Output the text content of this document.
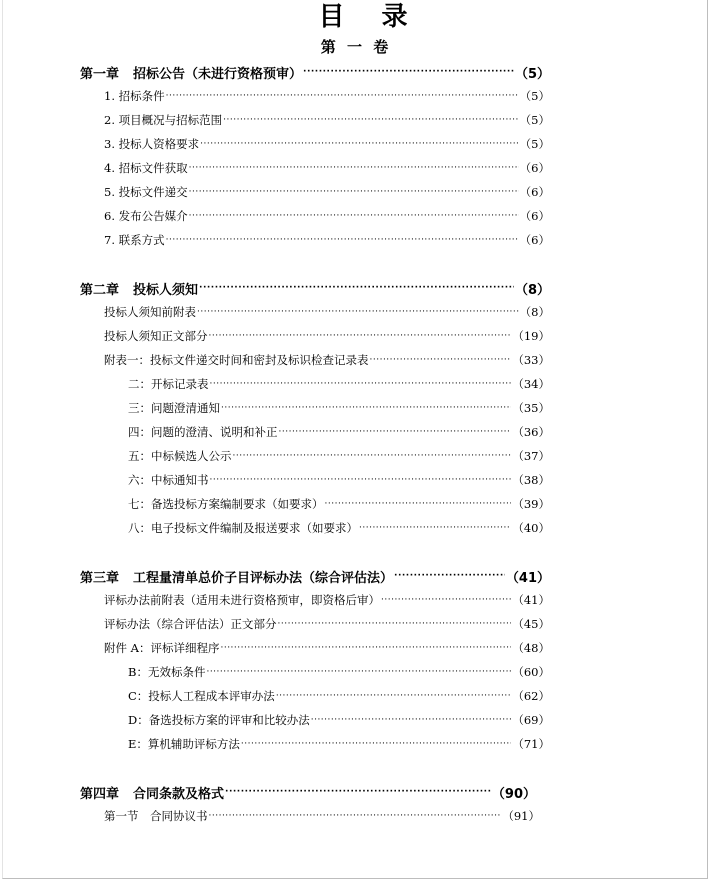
目 录
第 一 卷
第一章 招标公告（未进行资格预审） ·····	（5）
1. 招标条件 ·····	（5）
2. 项目概况与招标范围 ·····	（5）
3. 投标人资格要求 ·····	（5）
4. 招标文件获取 ·····	（6）
5. 投标文件递交 ·····	（6）
6. 发布公告媒介 ·····	（6）
7. 联系方式 ·····	（6）
第二章 投标人须知 ·····	（8）
投标人须知前附表 ·····	（8）
投标人须知正文部分 ·····	（19）
附表一：投标文件递交时间和密封及标识检查记录表 ·····	（33）
二：开标记录表 ·····	（34）
三：问题澄清通知 ·····	（35）
四：问题的澄清、说明和补正 ·····	（36）
五：中标候选人公示 ·····	（37）
六：中标通知书 ·····	（38）
七：备选投标方案编制要求（如要求） ·····	（39）
八：电子投标文件编制及报送要求（如要求） ·····	（40）
第三章 工程量清单总价子目评标办法（综合评估法） ·····	（41）
评标办法前附表（适用未进行资格预审，即资格后审） ·····	（41）
评标办法（综合评估法）正文部分 ·····	（45）
附件 A：评标详细程序 ·····	（48）
B：无效标条件 ·····	（60）
C：投标人工程成本评审办法 ·····	（62）
D：备选投标方案的评审和比较办法 ·····	（69）
E：算机辅助评标方法 ·····	（71）
第四章 合同条款及格式 ·····	（90）
第一节　合同协议书 ·····	（91）
